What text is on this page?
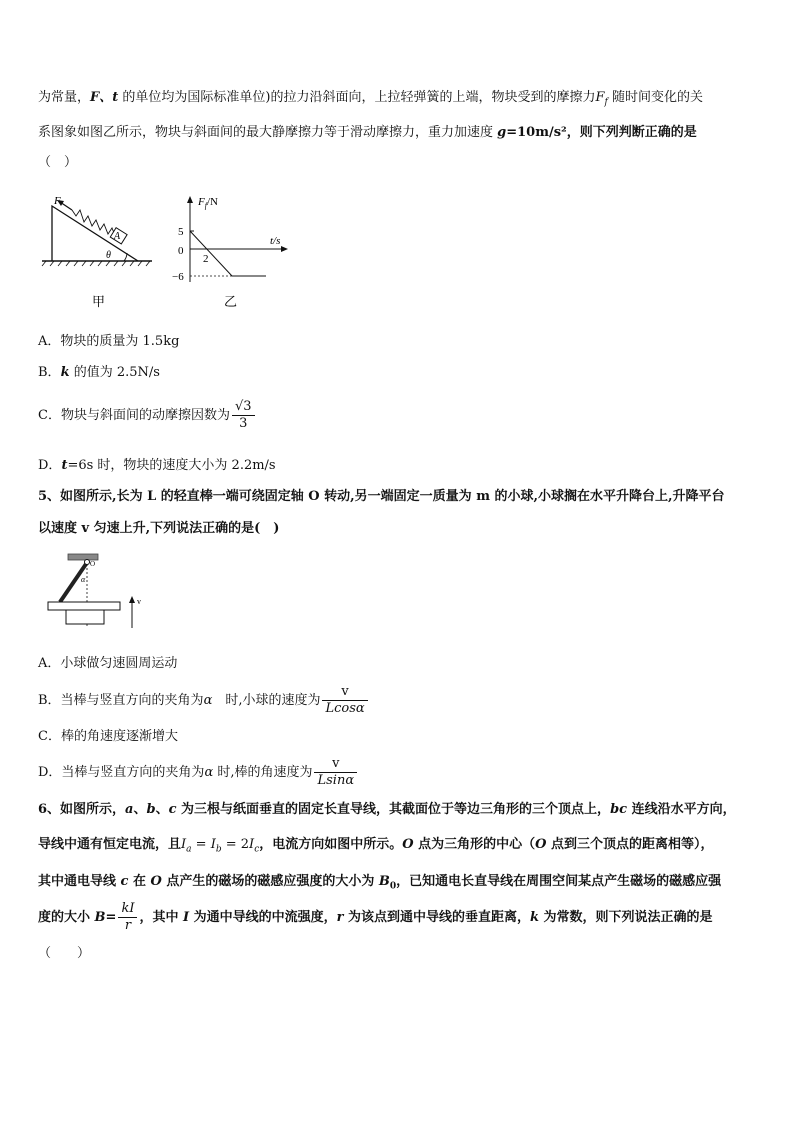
为常量，F、t 的单位均为国际标准单位)的拉力沿斜面向，上拉轻弹簧的上端，物块受到的摩擦力$F_f$ 随时间变化的关
系图象如图乙所示，物块与斜面间的最大静摩擦力等于滑动摩擦力，重力加速度 g=10m/s²，则下列判断正确的是
（　）
A
F
θ
甲
$F_f/N$
t/s
5
0
−6
2
乙
A．物块的质量为 1.5kg
B．k 的值为 2.5N/s
C．物块与斜面间的动摩擦因数为 $\frac{√3}{3}$
D．t=6s 时，物块的速度大小为 2.2m/s
5、如图所示,长为 L 的轻直棒一端可绕固定轴 O 转动,另一端固定一质量为 m 的小球,小球搁在水平升降台上,升降平台
以速度 v 匀速上升,下列说法正确的是(　)
O
α
v
A．小球做匀速圆周运动
B．当棒与竖直方向的夹角为α　时,小球的速度为 $\frac{v}{Lcos\alpha}$
C．棒的角速度逐渐增大
D．当棒与竖直方向的夹角为α 时,棒的角速度为 $\frac{v}{Lsin\alpha}$
6、如图所示，a、b、c 为三根与纸面垂直的固定长直导线，其截面位于等边三角形的三个顶点上，bc 连线沿水平方向，
导线中通有恒定电流，且$I_a = I_b = 2I_c$，电流方向如图中所示。O 点为三角形的中心（O 点到三个顶点的距离相等），
其中通电导线 c 在 O 点产生的磁场的磁感应强度的大小为 $B_0$，已知通电长直导线在周围空间某点产生磁场的磁感应强
度的大小 $B= \frac{kI}{r}$ ，其中 I 为通中导线的中流强度，r 为该点到通中导线的垂直距离，k 为常数，则下列说法正确的是
（　　）
